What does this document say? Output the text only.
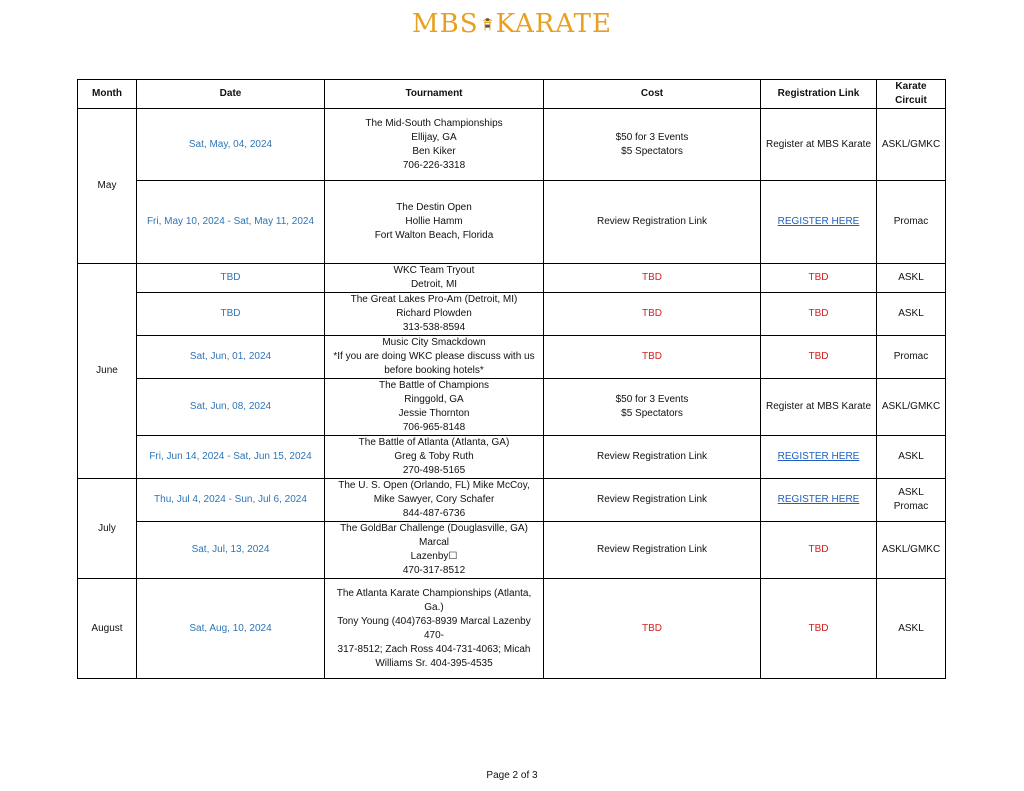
MBS KARATE
Month	Date	Tournament	Cost	Registration Link	Karate Circuit
May	Sat, May, 04, 2024	The Mid-South Championships
Ellijay, GA
Ben Kiker
706-226-3318	$50 for 3 Events
$5 Spectators	Register at MBS Karate	ASKL/GMKC
	Fri, May 10, 2024 - Sat, May 11, 2024	The Destin Open
Hollie Hamm
Fort Walton Beach, Florida	Review Registration Link	REGISTER HERE	Promac
June	TBD	WKC Team Tryout
Detroit, MI	TBD	TBD	ASKL
	TBD	The Great Lakes Pro-Am (Detroit, MI)
Richard Plowden
313-538-8594	TBD	TBD	ASKL
	Sat, Jun, 01, 2024	Music City Smackdown
*If you are doing WKC please discuss with us
before booking hotels*	TBD	TBD	Promac
	Sat, Jun, 08, 2024	The Battle of Champions
Ringgold, GA
Jessie Thornton
706-965-8148	$50 for 3 Events
$5 Spectators	Register at MBS Karate	ASKL/GMKC
	Fri, Jun 14, 2024 - Sat, Jun 15, 2024	The Battle of Atlanta (Atlanta, GA)
Greg & Toby Ruth
270-498-5165	Review Registration Link	REGISTER HERE	ASKL
July	Thu, Jul 4, 2024 - Sun, Jul 6, 2024	The U. S. Open (Orlando, FL) Mike McCoy,
Mike Sawyer, Cory Schafer
844-487-6736	Review Registration Link	REGISTER HERE	ASKL
Promac

	Sat, Jul, 13, 2024	The GoldBar Challenge (Douglasville, GA) Marcal
Lazenby☐
470-317-8512	Review Registration Link	TBD	ASKL/GMKC
August	Sat, Aug, 10, 2024	The Atlanta Karate Championships (Atlanta,
Ga.)
Tony Young (404)763-8939 Marcal Lazenby 470-
317-8512; Zach Ross 404-731-4063; Micah
Williams Sr. 404-395-4535	TBD	TBD	ASKL
Page 2 of 3
